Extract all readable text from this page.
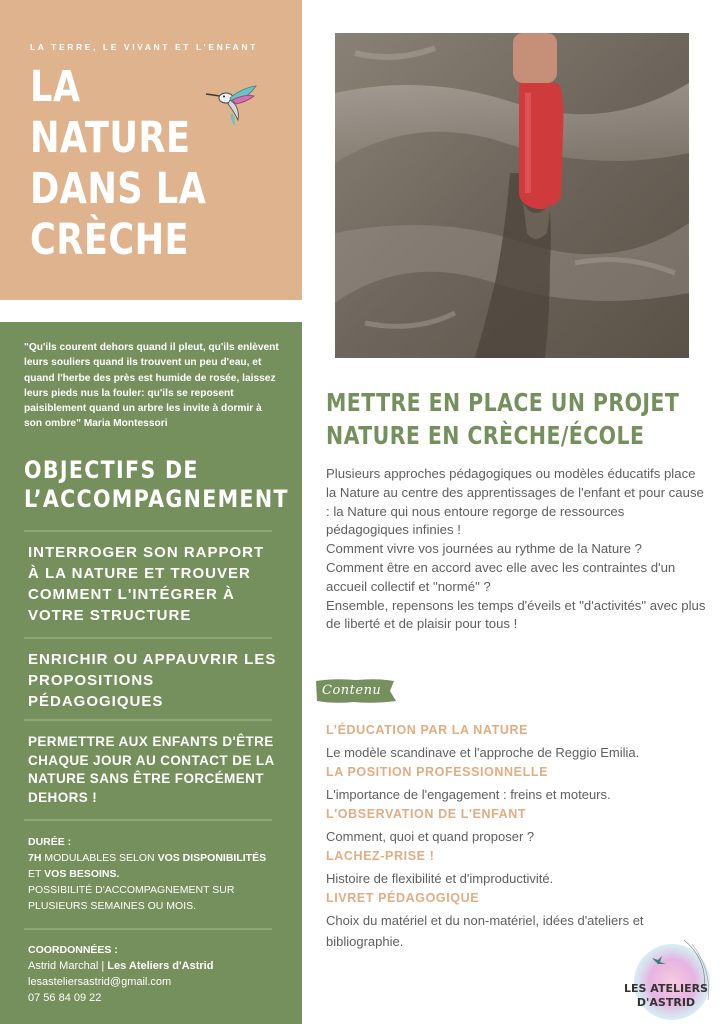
LA TERRE, LE VIVANT ET L’ENFANT
LA
NATURE
DANS LA
CRÈCHE
"Qu'ils courent dehors quand il pleut, qu'ils enlèvent leurs souliers quand ils trouvent un peu d'eau, et quand l'herbe des près est humide de rosée, laissez leurs pieds nus la fouler: qu'ils se reposent paisiblement quand un arbre les invite à dormir à son ombre" Maria Montessori
OBJECTIFS DE
L’ACCOMPAGNEMENT
INTERROGER SON RAPPORT À LA NATURE ET TROUVER COMMENT L'INTÉGRER À VOTRE STRUCTURE
ENRICHIR OU APPAUVRIR LES PROPOSITIONS PÉDAGOGIQUES
PERMETTRE AUX ENFANTS D'ÊTRE CHAQUE JOUR AU CONTACT DE LA NATURE SANS ÊTRE FORCÉMENT DEHORS !
DURÉE :
7H MODULABLES SELON VOS DISPONIBILITÉS ET VOS BESOINS.
POSSIBILITÉ D'ACCOMPAGNEMENT SUR PLUSIEURS SEMAINES OU MOIS.
COORDONNÉES :
Astrid Marchal | Les Ateliers d'Astrid
lesasteliersastrid@gmail.com
07 56 84 09 22
METTRE EN PLACE UN PROJET
NATURE EN CRÈCHE/ÉCOLE

Plusieurs approches pédagogiques ou modèles éducatifs place la Nature au centre des apprentissages de l'enfant et pour cause : la Nature qui nous entoure regorge de ressources pédagogiques infinies !

Comment vivre vos journées au rythme de la Nature ?

Comment être en accord avec elle avec les contraintes d'un accueil collectif et "normé" ?

Ensemble, repensons les temps d'éveils et "d'activités" avec plus de liberté et de plaisir pour tous !

Contenu
L’ÉDUCATION PAR LA NATURE
Le modèle scandinave et l'approche de Reggio Emilia.
LA POSITION PROFESSIONNELLE
L'importance de l'engagement : freins et moteurs.
L'OBSERVATION DE L'ENFANT
Comment, quoi et quand proposer ?
LACHEZ-PRISE !
Histoire de flexibilité et d'improductivité.
LIVRET PÉDAGOGIQUE
Choix du matériel et du non-matériel, idées d'ateliers et bibliographie.
LES ATELIERS
D'ASTRID
